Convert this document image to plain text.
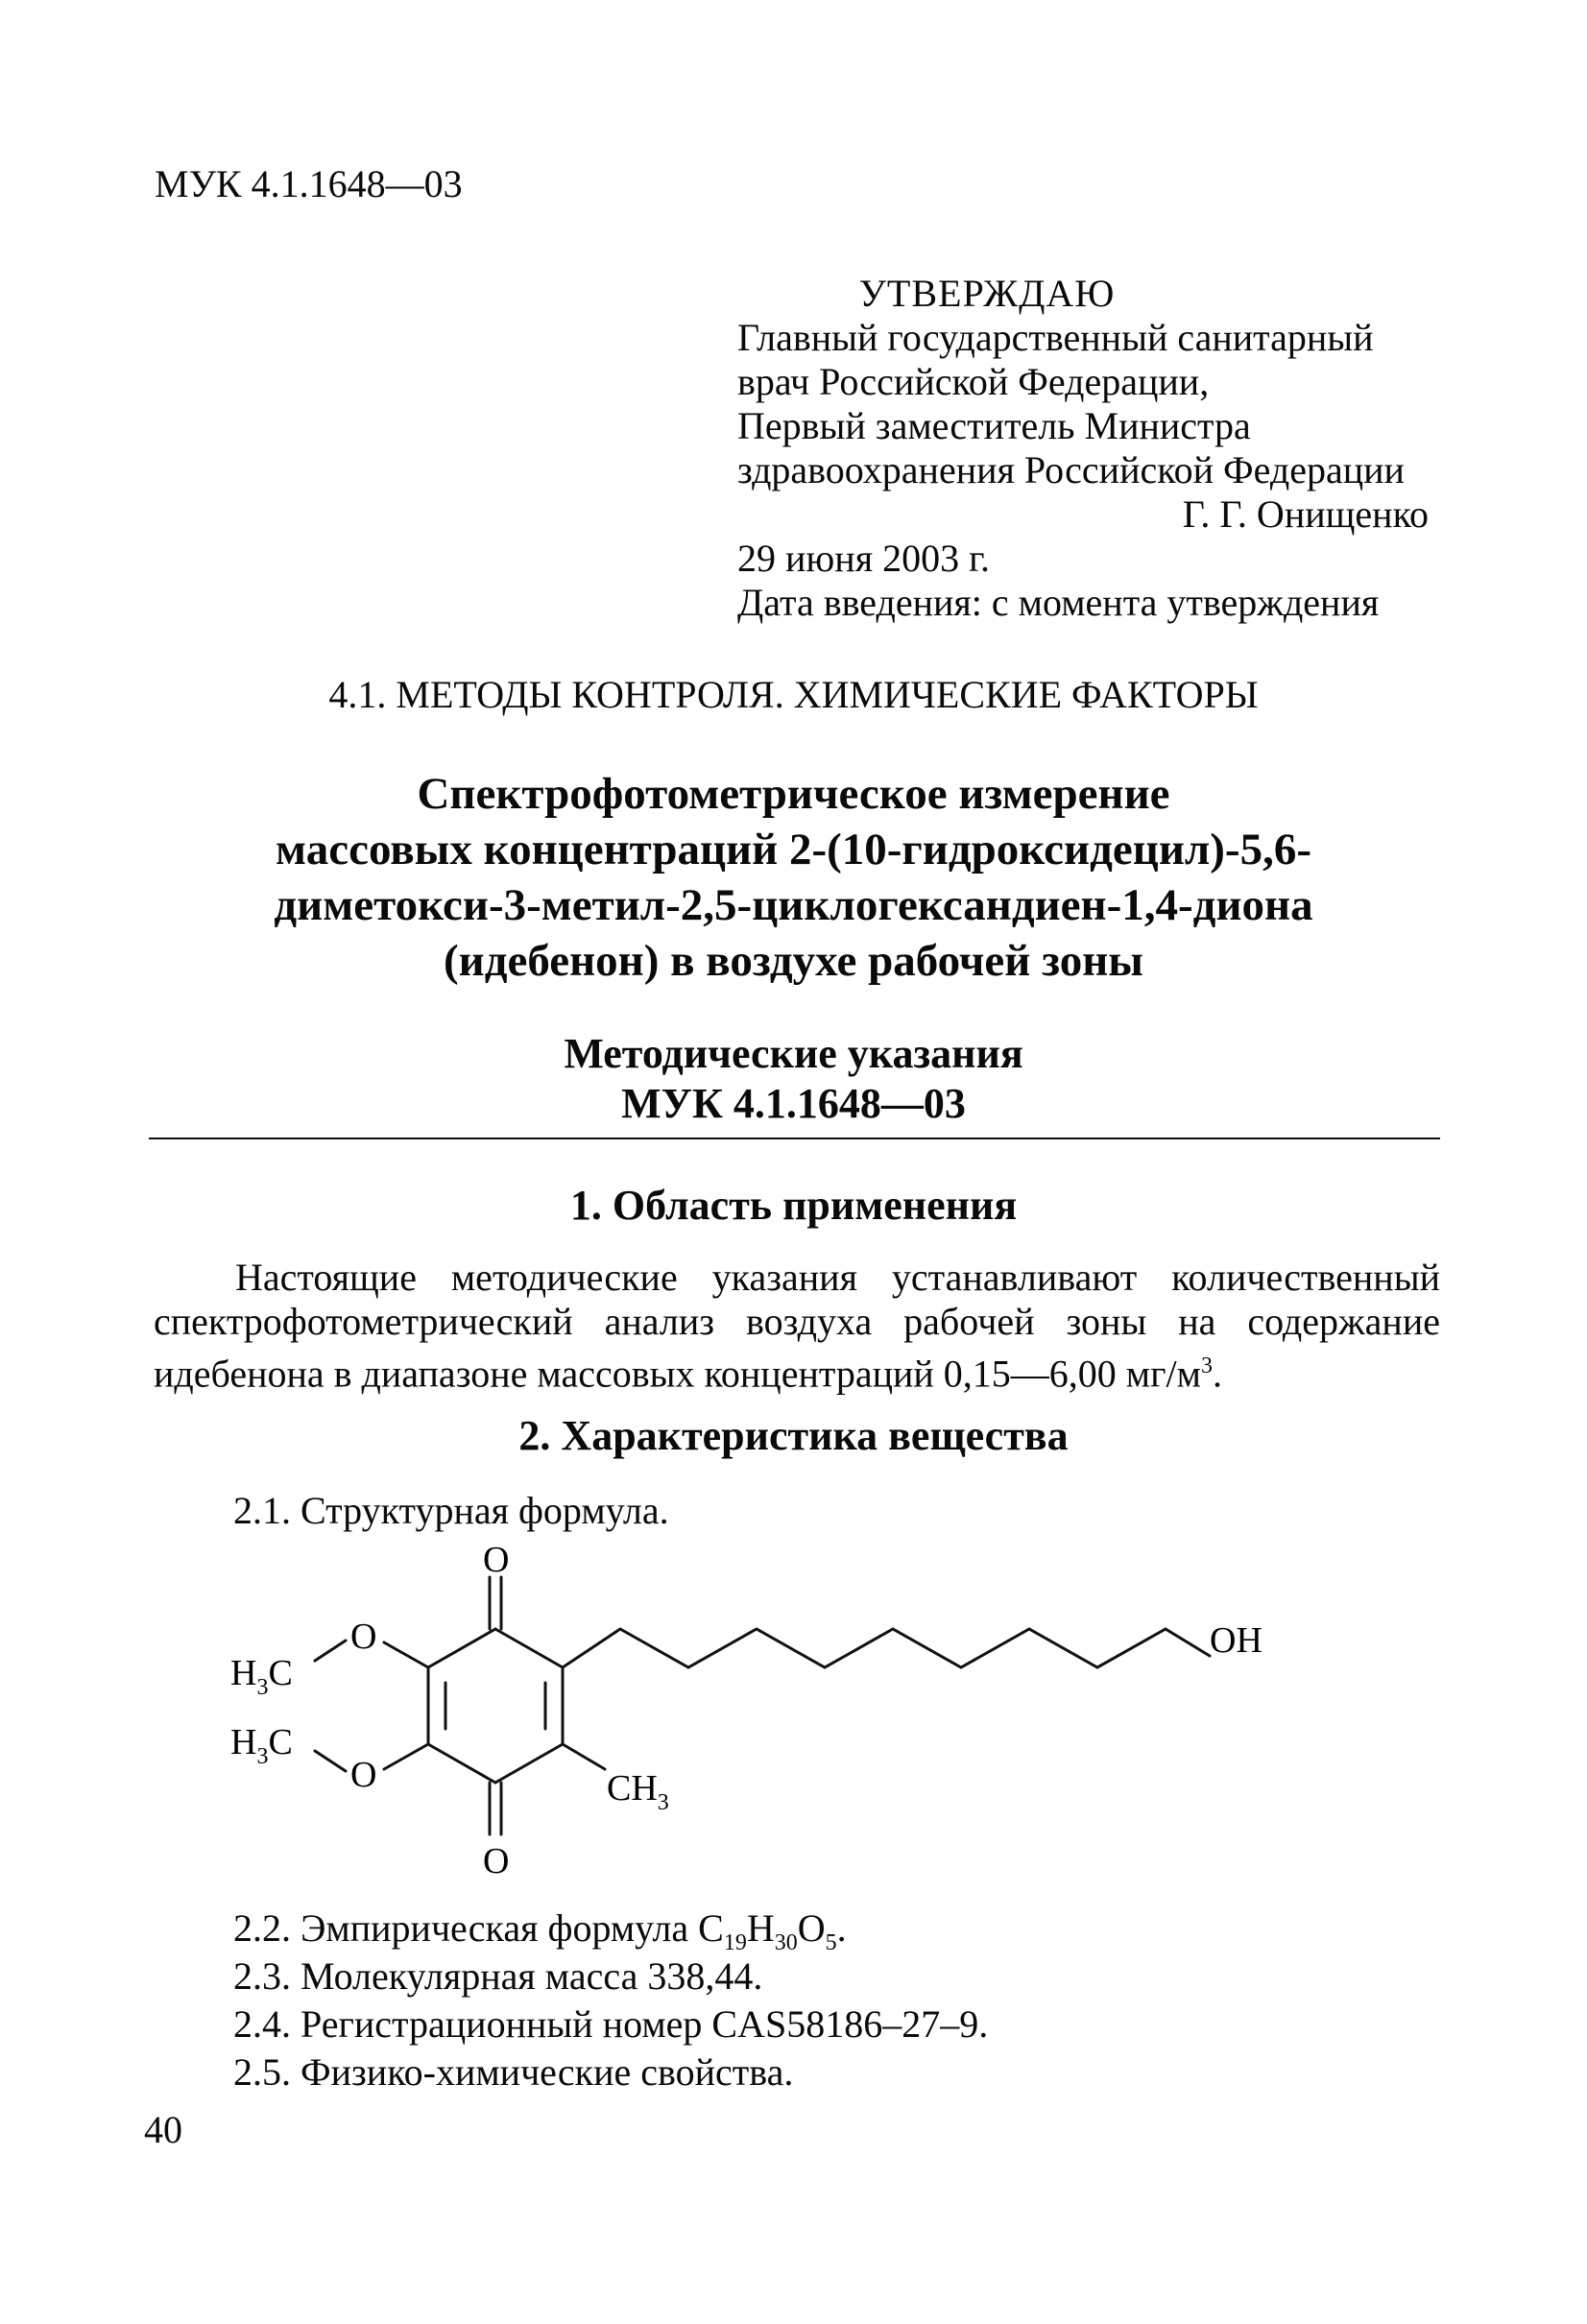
МУК 4.1.1648—03
УТВЕРЖДАЮ
Главный государственный санитарный
врач Российской Федерации,
Первый заместитель Министра
здравоохранения Российской Федерации
Г. Г. Онищенко
29 июня 2003 г.
Дата введения: с момента утверждения
4.1. МЕТОДЫ КОНТРОЛЯ. ХИМИЧЕСКИЕ ФАКТОРЫ
Спектрофотометрическое измерение
массовых концентраций 2-(10-гидроксидецил)-5,6-
диметокси-3-метил-2,5-циклогександиен-1,4-диона
(идебенон) в воздухе рабочей зоны
Методические указания
МУК 4.1.1648—03
1. Область применения
Настоящие методические указания устанавливают количественный спектрофотометрический анализ воздуха рабочей зоны на содержание идебенона в диапазоне массовых концентраций 0,15—6,00 $мг/м^3$.
2. Характеристика вещества
2.1. Структурная формула.
O
O
O
O
$H_3C$
$H_3C$
$CH_3$
OH
2.2. Эмпирическая формула $C_{19}H_{30}O_5$.
2.3. Молекулярная масса 338,44.
2.4. Регистрационный номер CAS58186–27–9.
2.5. Физико-химические свойства.
40
